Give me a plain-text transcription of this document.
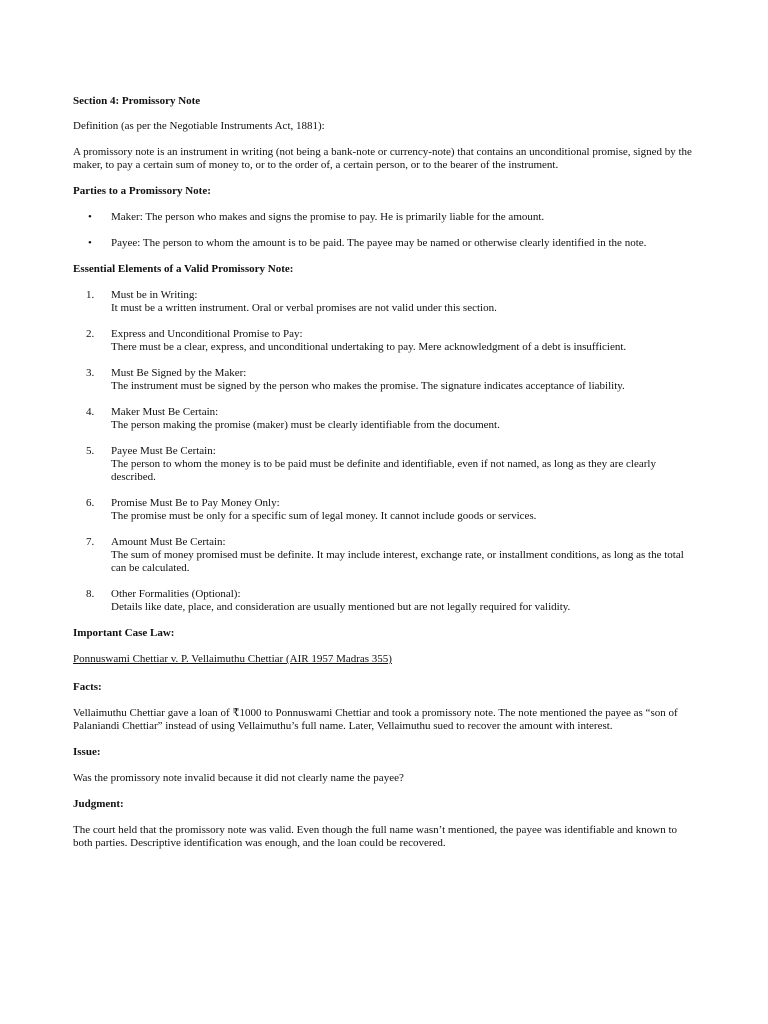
Section 4: Promissory Note
Definition (as per the Negotiable Instruments Act, 1881):
A promissory note is an instrument in writing (not being a bank-note or currency-note) that contains an unconditional promise, signed by the maker, to pay a certain sum of money to, or to the order of, a certain person, or to the bearer of the instrument.
Parties to a Promissory Note:
• Maker: The person who makes and signs the promise to pay. He is primarily liable for the amount.
• Payee: The person to whom the amount is to be paid. The payee may be named or otherwise clearly identified in the note.
Essential Elements of a Valid Promissory Note:
1. Must be in Writing:
It must be a written instrument. Oral or verbal promises are not valid under this section.
2. Express and Unconditional Promise to Pay:
There must be a clear, express, and unconditional undertaking to pay. Mere acknowledgment of a debt is insufficient.
3. Must Be Signed by the Maker:
The instrument must be signed by the person who makes the promise. The signature indicates acceptance of liability.
4. Maker Must Be Certain:
The person making the promise (maker) must be clearly identifiable from the document.
5. Payee Must Be Certain:
The person to whom the money is to be paid must be definite and identifiable, even if not named, as long as they are clearly described.
6. Promise Must Be to Pay Money Only:
The promise must be only for a specific sum of legal money. It cannot include goods or services.
7. Amount Must Be Certain:
The sum of money promised must be definite. It may include interest, exchange rate, or installment conditions, as long as the total can be calculated.
8. Other Formalities (Optional):
Details like date, place, and consideration are usually mentioned but are not legally required for validity.
Important Case Law:
Ponnuswami Chettiar v. P. Vellaimuthu Chettiar (AIR 1957 Madras 355)
Facts:
Vellaimuthu Chettiar gave a loan of ₹1000 to Ponnuswami Chettiar and took a promissory note. The note mentioned the payee as “son of Palaniandi Chettiar” instead of using Vellaimuthu’s full name. Later, Vellaimuthu sued to recover the amount with interest.
Issue:
Was the promissory note invalid because it did not clearly name the payee?
Judgment:
The court held that the promissory note was valid. Even though the full name wasn’t mentioned, the payee was identifiable and known to both parties. Descriptive identification was enough, and the loan could be recovered.
